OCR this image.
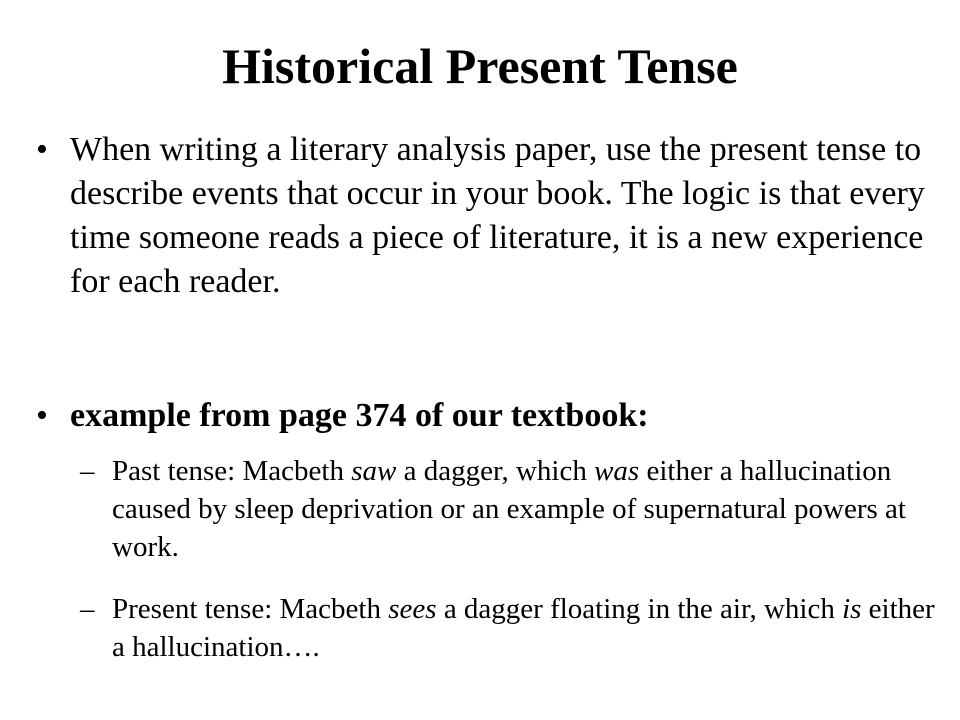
Historical Present Tense
• When writing a literary analysis paper, use the present tense to describe events that occur in your book. The logic is that every time someone reads a piece of literature, it is a new experience for each reader.
• example from page 374 of our textbook:
– Past tense: Macbeth saw a dagger, which was either a hallucination caused by sleep deprivation or an example of supernatural powers at work.
– Present tense: Macbeth sees a dagger floating in the air, which is either a hallucination….
